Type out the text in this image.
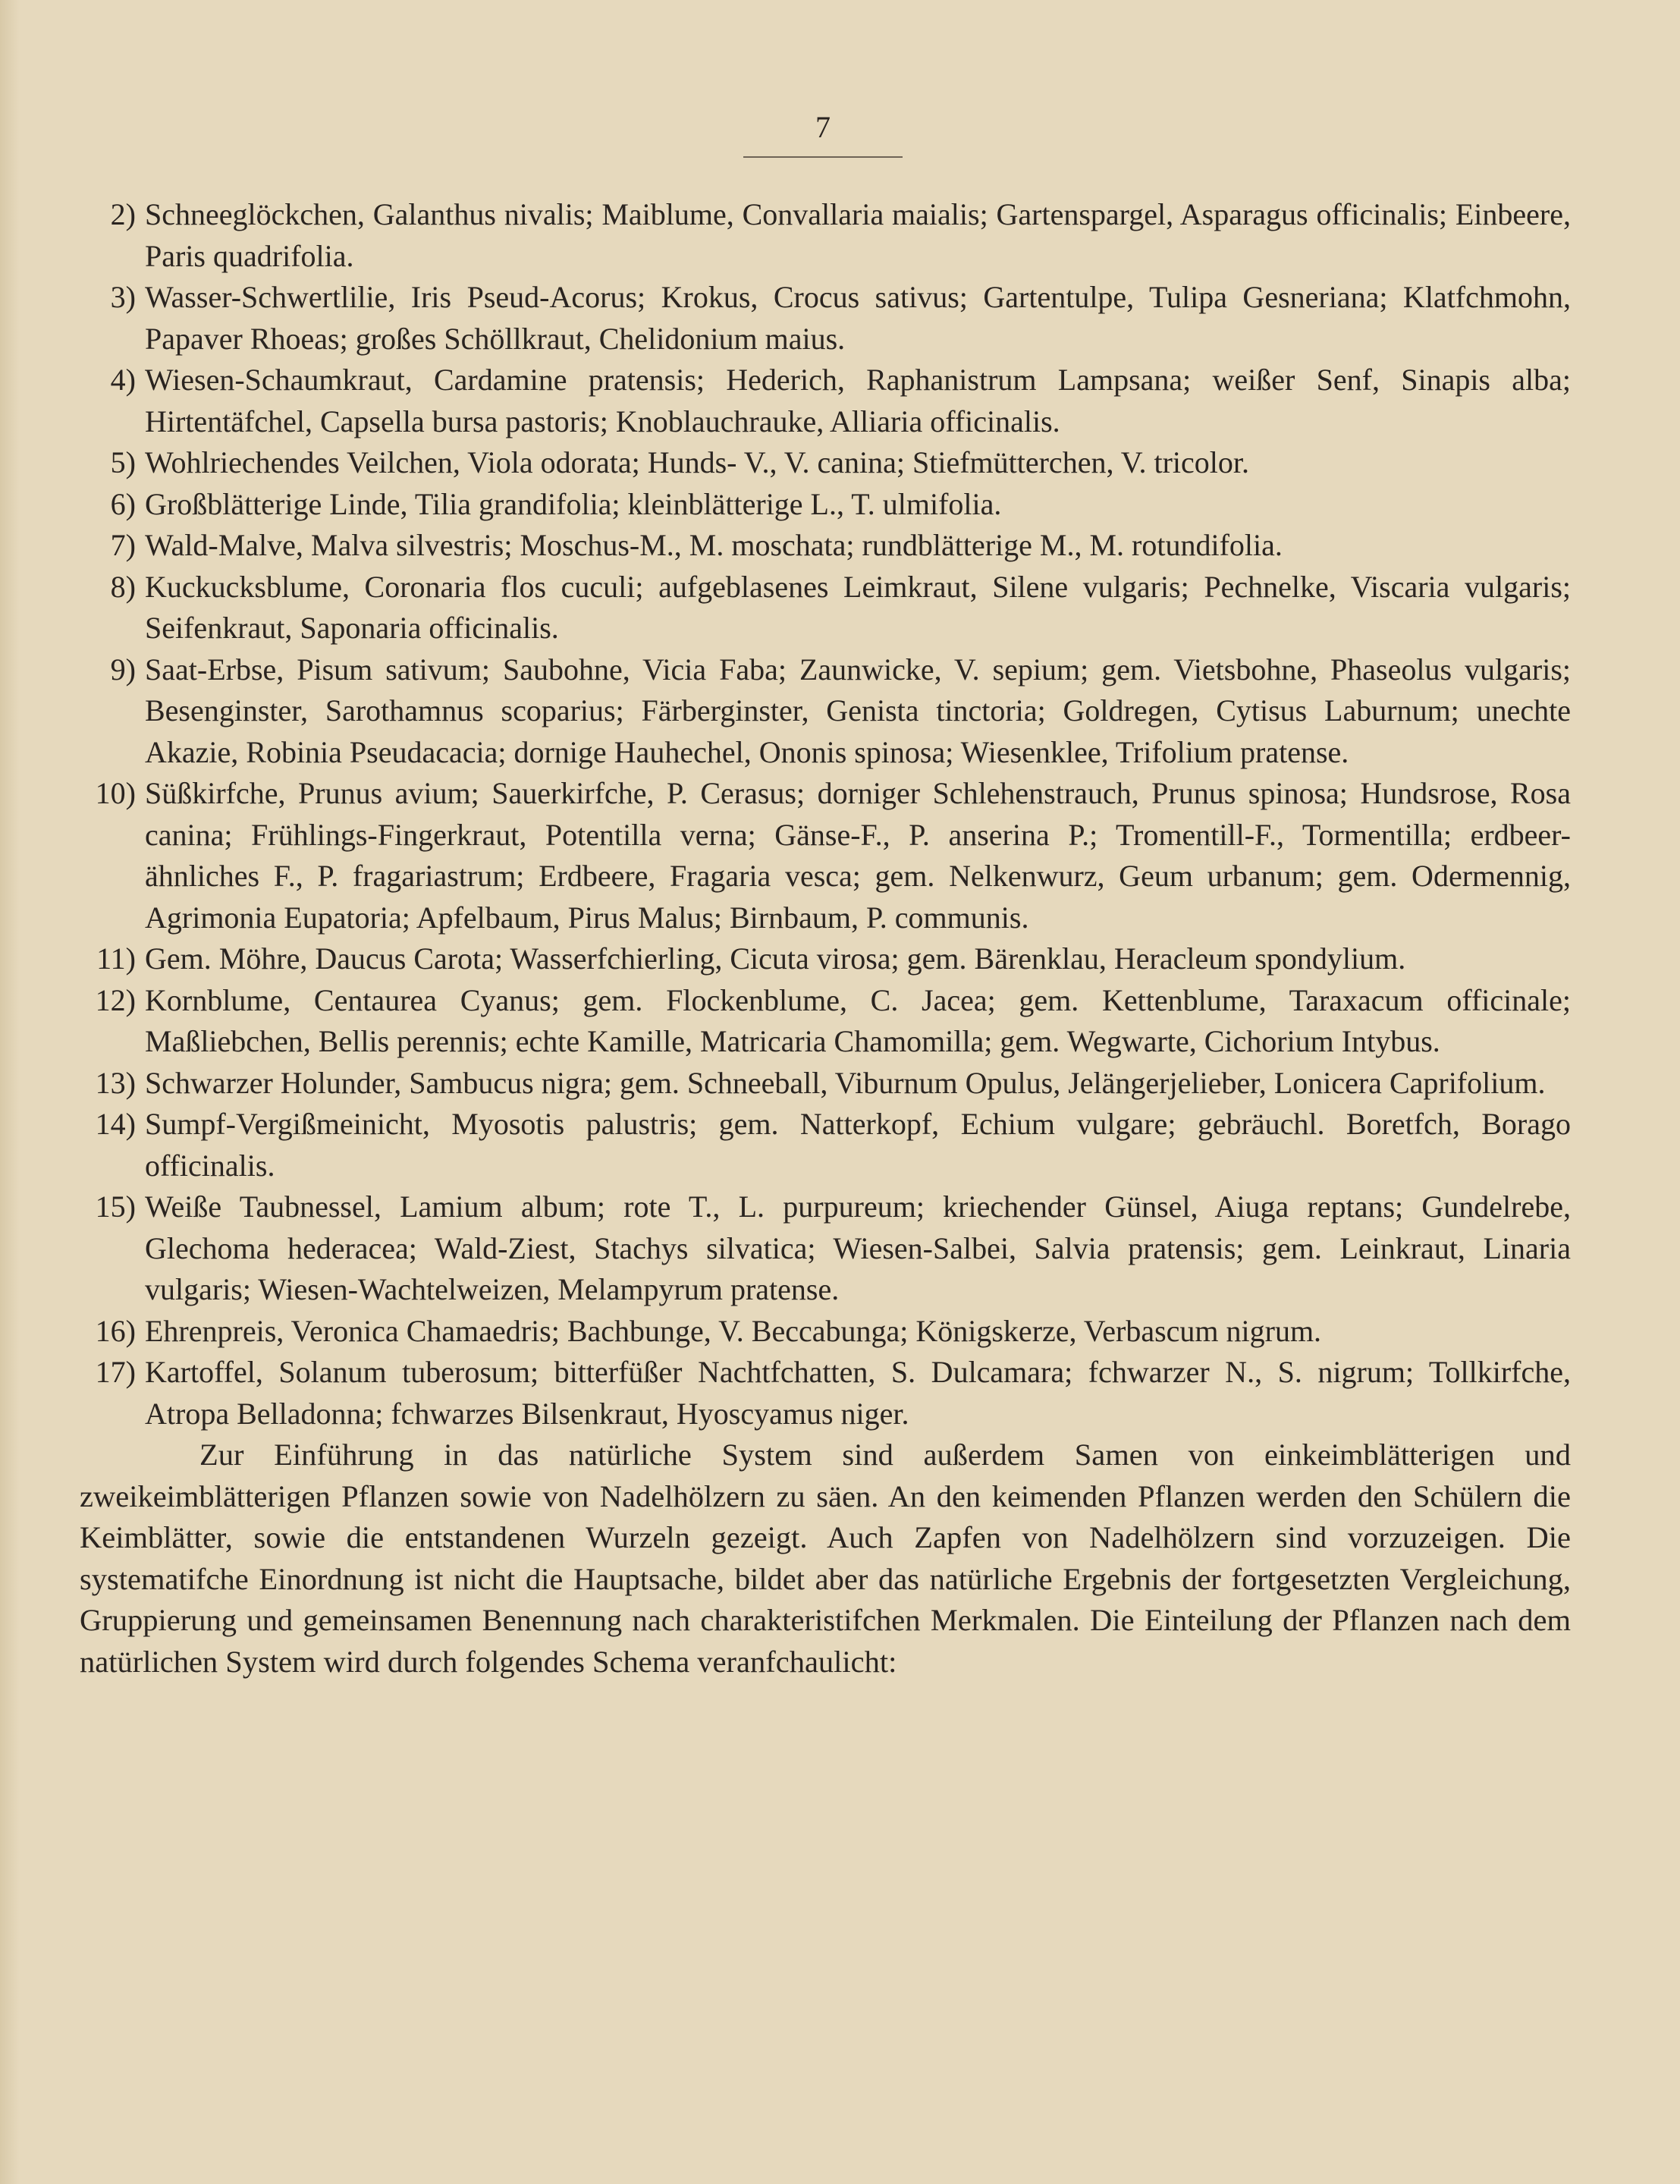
7
2) Schneeglöckchen, Galanthus nivalis; Maiblume, Convallaria maialis; Gartenspargel, Asparagus officinalis; Einbeere, Paris quadrifolia.
3) Wasser-Schwertlilie, Iris Pseud-Acorus; Krokus, Crocus sativus; Gartentulpe, Tulipa Gesneriana; Klatfchmohn, Papaver Rhoeas; großes Schöllkraut, Chelidonium maius.
4) Wiesen-Schaumkraut, Cardamine pratensis; Hederich, Raphanistrum Lampsana; weißer Senf, Sinapis alba; Hirtentäfchel, Capsella bursa pastoris; Knoblauchrauke, Alliaria officinalis.
5) Wohlriechendes Veilchen, Viola odorata; Hunds- V., V. canina; Stiefmütterchen, V. tricolor.
6) Großblätterige Linde, Tilia grandifolia; kleinblätterige L., T. ulmifolia.
7) Wald-Malve, Malva silvestris; Moschus-M., M. moschata; rundblätterige M., M. rotundifolia.
8) Kuckucksblume, Coronaria flos cuculi; aufgeblasenes Leimkraut, Silene vulgaris; Pechnelke, Viscaria vulgaris; Seifenkraut, Saponaria officinalis.
9) Saat-Erbse, Pisum sativum; Saubohne, Vicia Faba; Zaunwicke, V. sepium; gem. Vietsbohne, Phaseolus vulgaris; Besenginster, Sarothamnus scoparius; Färberginster, Genista tinctoria; Goldregen, Cytisus Laburnum; unechte Akazie, Robinia Pseudacacia; dornige Hauhechel, Ononis spinosa; Wiesenklee, Trifolium pratense.
10) Süßkirfche, Prunus avium; Sauerkirfche, P. Cerasus; dorniger Schlehenstrauch, Prunus spinosa; Hundsrose, Rosa canina; Frühlings-Fingerkraut, Potentilla verna; Gänse-F., P. anserina P.; Tromentill-F., Tormentilla; erdbeer-ähnliches F., P. fragariastrum; Erdbeere, Fragaria vesca; gem. Nelkenwurz, Geum urbanum; gem. Odermennig, Agrimonia Eupatoria; Apfelbaum, Pirus Malus; Birnbaum, P. communis.
11) Gem. Möhre, Daucus Carota; Wasserfchierling, Cicuta virosa; gem. Bärenklau, Heracleum spondylium.
12) Kornblume, Centaurea Cyanus; gem. Flockenblume, C. Jacea; gem. Kettenblume, Taraxacum officinale; Maßliebchen, Bellis perennis; echte Kamille, Matricaria Chamomilla; gem. Wegwarte, Cichorium Intybus.
13) Schwarzer Holunder, Sambucus nigra; gem. Schneeball, Viburnum Opulus, Jelängerjelieber, Lonicera Caprifolium.
14) Sumpf-Vergißmeinicht, Myosotis palustris; gem. Natterkopf, Echium vulgare; gebräuchl. Boretfch, Borago officinalis.
15) Weiße Taubnessel, Lamium album; rote T., L. purpureum; kriechender Günsel, Aiuga reptans; Gundelrebe, Glechoma hederacea; Wald-Ziest, Stachys silvatica; Wiesen-Salbei, Salvia pratensis; gem. Leinkraut, Linaria vulgaris; Wiesen-Wachtelweizen, Melampyrum pratense.
16) Ehrenpreis, Veronica Chamaedris; Bachbunge, V. Beccabunga; Königskerze, Verbascum nigrum.
17) Kartoffel, Solanum tuberosum; bitterfüßer Nachtfchatten, S. Dulcamara; fchwarzer N., S. nigrum; Tollkirfche, Atropa Belladonna; fchwarzes Bilsenkraut, Hyoscyamus niger.

Zur Einführung in das natürliche System sind außerdem Samen von einkeimblätterigen und zweikeimblätterigen Pflanzen sowie von Nadelhölzern zu säen. An den keimenden Pflanzen werden den Schülern die Keimblätter, sowie die entstandenen Wurzeln gezeigt. Auch Zapfen von Nadelhölzern sind vorzuzeigen. Die systematifche Einordnung ist nicht die Hauptsache, bildet aber das natürliche Ergebnis der fortgesetzten Vergleichung, Gruppierung und gemeinsamen Benennung nach charakteristifchen Merkmalen. Die Einteilung der Pflanzen nach dem natürlichen System wird durch folgendes Schema veranfchaulicht:
